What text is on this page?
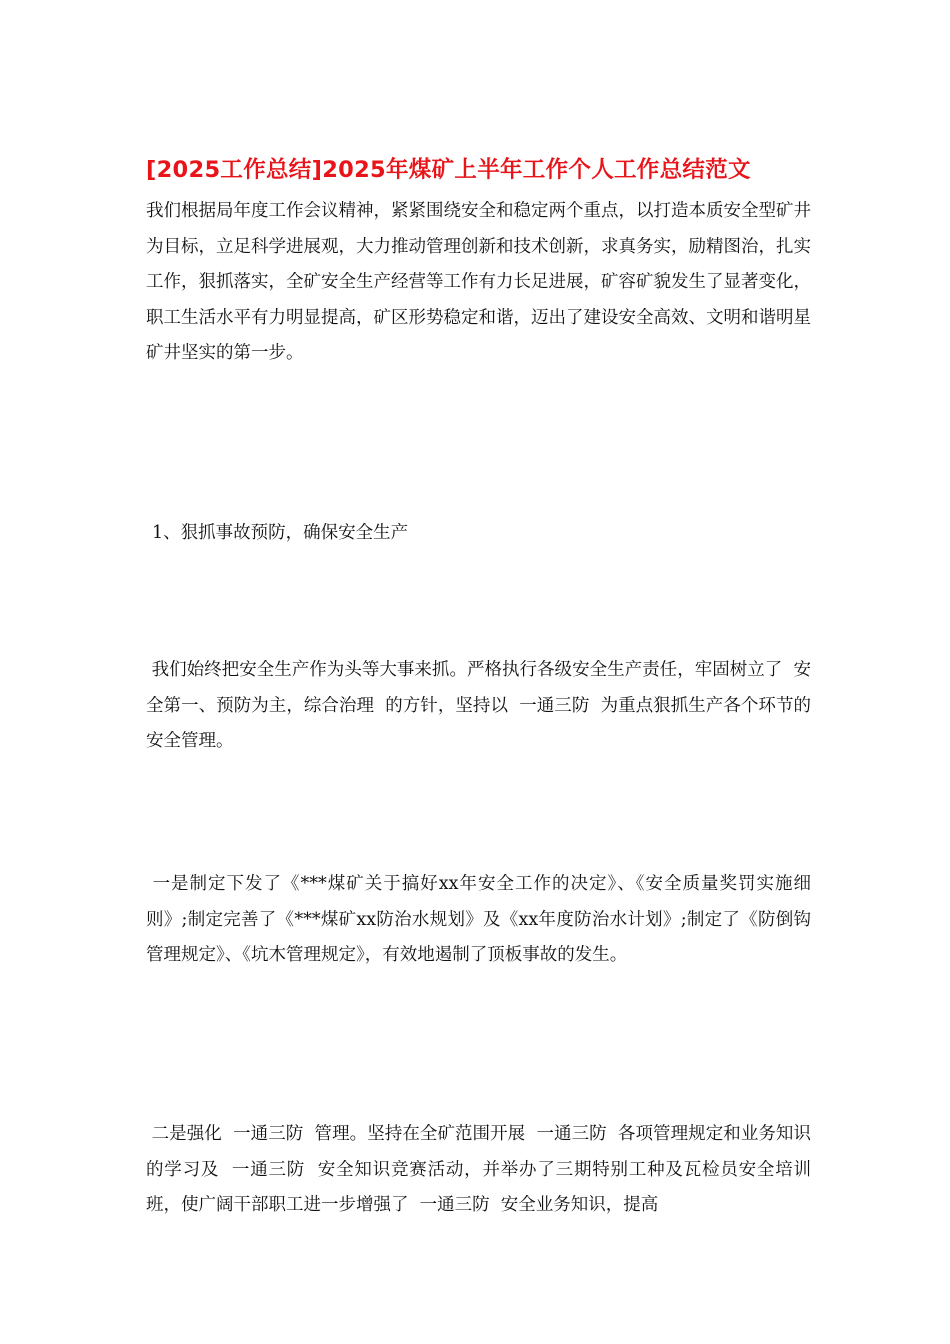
[2025工作总结]2025年煤矿上半年工作个人工作总结范文

我们根据局年度工作会议精神，紧紧围绕安全和稳定两个重点，以打造本质安全型矿井为目标，立足科学进展观，大力推动管理创新和技术创新，求真务实，励精图治，扎实工作，狠抓落实，全矿安全生产经营等工作有力长足进展，矿容矿貌发生了显著变化，职工生活水平有力明显提高，矿区形势稳定和谐，迈出了建设安全高效、文明和谐明星矿井坚实的第一步。

1、狠抓事故预防，确保安全生产

我们始终把安全生产作为头等大事来抓。严格执行各级安全生产责任，牢固树立了  安全第一、预防为主，综合治理  的方针，坚持以  一通三防  为重点狠抓生产各个环节的安全管理。

一是制定下发了《***煤矿关于搞好xx年安全工作的决定》、《安全质量奖罚实施细则》;制定完善了《***煤矿xx防治水规划》及《xx年度防治水计划》;制定了《防倒钩管理规定》、《坑木管理规定》，有效地遏制了顶板事故的发生。

二是强化  一通三防  管理。坚持在全矿范围开展  一通三防  各项管理规定和业务知识的学习及  一通三防  安全知识竞赛活动，并举办了三期特别工种及瓦检员安全培训班，使广阔干部职工进一步增强了  一通三防  安全业务知识，提高
